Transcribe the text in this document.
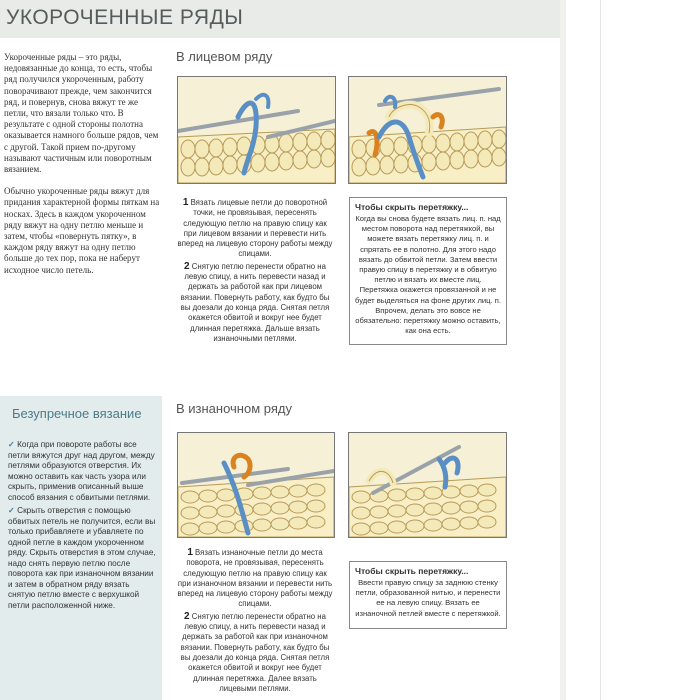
УКОРОЧЕННЫЕ РЯДЫ

Укороченные ряды – это ряды, недовязанные до конца, то есть, чтобы ряд получился укороченным, работу поворачивают прежде, чем закончится ряд, и повернув, снова вяжут те же петли, что вязали только что. В результате с одной стороны полотна оказывается намного больше рядов, чем с другой. Такой прием по-другому называют частичным или поворотным вязанием.

Обычно укороченные ряды вяжут для придания характерной формы пяткам на носках. Здесь в каждом укороченном ряду вяжут на одну петлю меньше и затем, чтобы «повернуть пятку», в каждом ряду вяжут на одну петлю больше до тех пор, пока не наберут исходное число петель.

В лицевом ряду

1 Вязать лицевые петли до поворотной точки, не провязывая, пересенять следующую петлю на правую спицу как при лицевом вязании и перевести нить вперед на лицевую сторону работы между спицами.

2 Снятую петлю перенести обратно на левую спицу, а нить перевести назад и держать за работой как при лицевом вязании. Повернуть работу, как будто бы вы доезали до конца ряда. Снятая петля окажется обвитой и вокруг нее будет длинная перетяжка. Дальше вязать изнаночными петлями.

Чтобы скрыть перетяжку...
Когда вы снова будете вязать лиц. п. над местом поворота над перетяжкой, вы можете вязать перетяжку лиц. п. и спрятать ее в полотно. Для этого надо вязать до обвитой петли. Затем ввести правую спицу в перетяжку и в обвитую петлю и вязать их вместе лиц. Перетяжка окажется провязанной и не будет выделяться на фоне других лиц. п. Впрочем, делать это вовсе не обязательно: перетяжку можно оставить, как она есть.
Безупречное вязание

✓ Когда при повороте работы все петли вяжутся друг над другом, между петлями образуются отверстия. Их можно оставить как часть узора или скрыть, применив описанный выше способ вязания с обвитыми петлями.

✓ Скрыть отверстия с помощью обвитых петель не получится, если вы только прибавляете и убавляете по одной петле в каждом укороченном ряду. Скрыть отверстия в этом случае, надо снять первую петлю после поворота как при изнаночном вязании и затем в обратном ряду вязать снятую петлю вместе с верхушкой петли расположенной ниже.

В изнаночном ряду

1 Вязать изнаночные петли до места поворота, не провязывая, пересенять следующую петлю на правую спицу как при изнаночном вязании и перевести нить вперед на лицевую сторону работы между спицами.

2 Снятую петлю перенести обратно на левую спицу, а нить перевести назад и держать за работой как при изнаночном вязании. Повернуть работу, как будто бы вы доезали до конца ряда. Снятая петля окажется обвитой и вокруг нее будет длинная перетяжка. Далее вязать лицевыми петлями.

Чтобы скрыть перетяжку...
Ввести правую спицу за заднюю стенку петли, образованной нитью, и перенести ее на левую спицу. Вязать ее изнаночной петлей вместе с перетяжкой.
